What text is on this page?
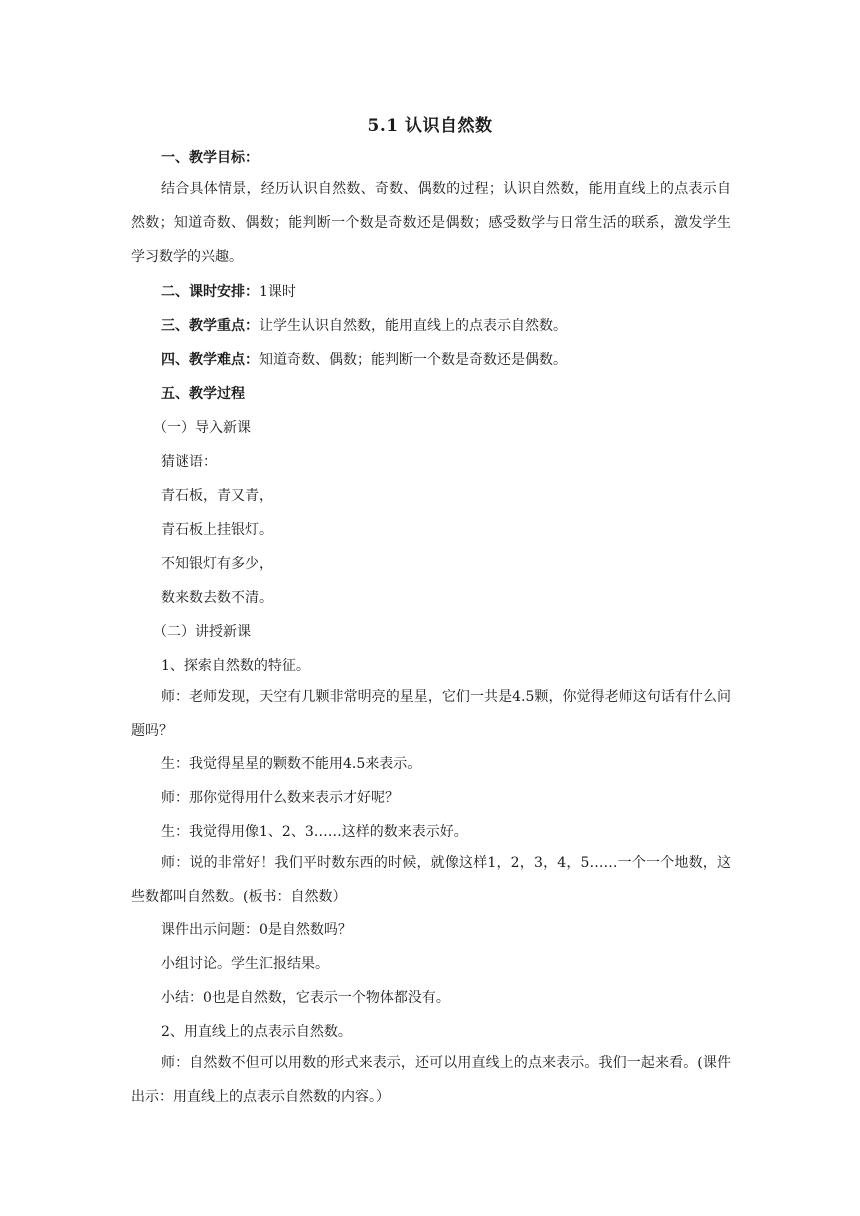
5.1 认识自然数
一、教学目标：
结合具体情景，经历认识自然数、奇数、偶数的过程；认识自然数，能用直线上的点表示自然数；知道奇数、偶数；能判断一个数是奇数还是偶数；感受数学与日常生活的联系，激发学生学习数学的兴趣。
二、课时安排：1课时
三、教学重点：让学生认识自然数，能用直线上的点表示自然数。
四、教学难点：知道奇数、偶数；能判断一个数是奇数还是偶数。
五、教学过程
（一）导入新课
猜谜语：
青石板，青又青，
青石板上挂银灯。
不知银灯有多少，
数来数去数不清。
（二）讲授新课
1、探索自然数的特征。
师：老师发现，天空有几颗非常明亮的星星，它们一共是4.5颗，你觉得老师这句话有什么问题吗？
生：我觉得星星的颗数不能用4.5来表示。
师：那你觉得用什么数来表示才好呢？
生：我觉得用像1、2、3……这样的数来表示好。
师：说的非常好！我们平时数东西的时候，就像这样1，2，3，4，5……一个一个地数，这些数都叫自然数。(板书：自然数）
课件出示问题：0是自然数吗？
小组讨论。学生汇报结果。
小结：0也是自然数，它表示一个物体都没有。
2、用直线上的点表示自然数。
师：自然数不但可以用数的形式来表示，还可以用直线上的点来表示。我们一起来看。(课件出示：用直线上的点表示自然数的内容。）
